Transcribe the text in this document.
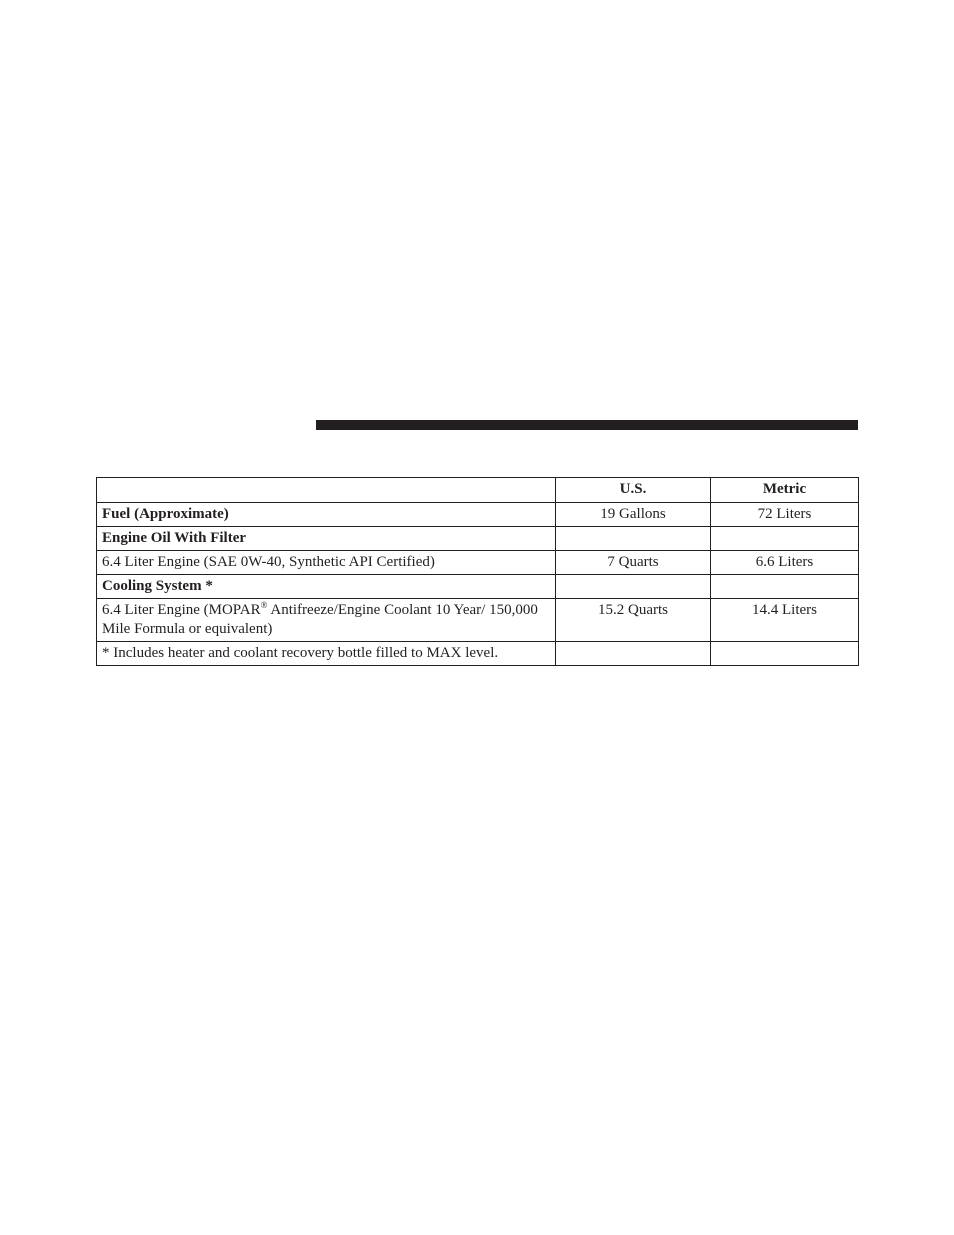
	U.S.	Metric
Fuel (Approximate)	19 Gallons	72 Liters
Engine Oil With Filter		
6.4 Liter Engine (SAE 0W-40, Synthetic API Certified)	7 Quarts	6.6 Liters
Cooling System *		
6.4 Liter Engine (MOPAR® Antifreeze/Engine Coolant 10 Year/ 150,000 Mile Formula or equivalent)	15.2 Quarts	14.4 Liters
* Includes heater and coolant recovery bottle filled to MAX level.		
